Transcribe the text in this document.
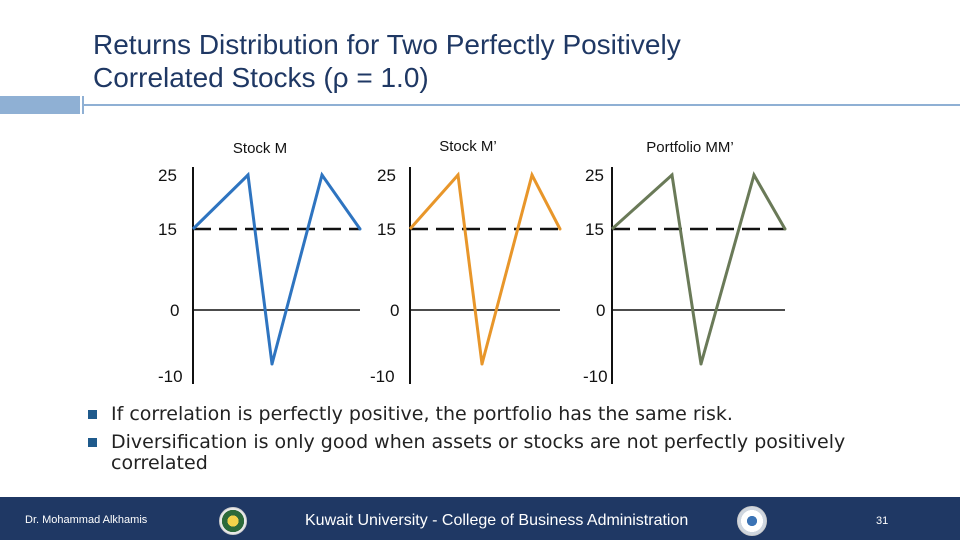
Returns Distribution for Two Perfectly Positively
Correlated Stocks (ρ = 1.0)
Stock M
25
15
0
-10
Stock M’
25
15
0
-10
Portfolio MM’
25
15
0
-10
If correlation is perfectly positive, the portfolio has the same risk.
Diversification is only good when assets or stocks are not perfectly positively correlated
Dr. Mohammad Alkhamis	Kuwait University - College of Business Administration	31
